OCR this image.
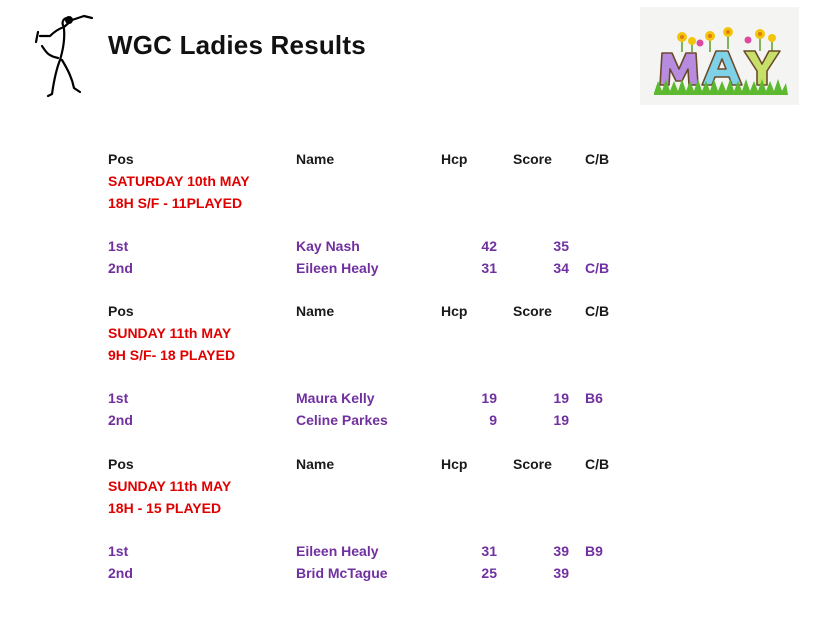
WGC Ladies Results
Pos	Name	Hcp	Score C/B
SATURDAY 10th MAY
18H S/F - 11PLAYED
1st	Kay Nash	42	35
2nd	Eileen Healy	31	34 C/B
Pos	Name	Hcp	Score C/B
SUNDAY 11th MAY
9H S/F- 18 PLAYED
1st	Maura Kelly	19	19 B6
2nd	Celine Parkes	9	19
Pos	Name	Hcp	Score C/B
SUNDAY 11th MAY
18H - 15 PLAYED
1st	Eileen Healy	31	39 B9
2nd	Brid McTague	25	39
